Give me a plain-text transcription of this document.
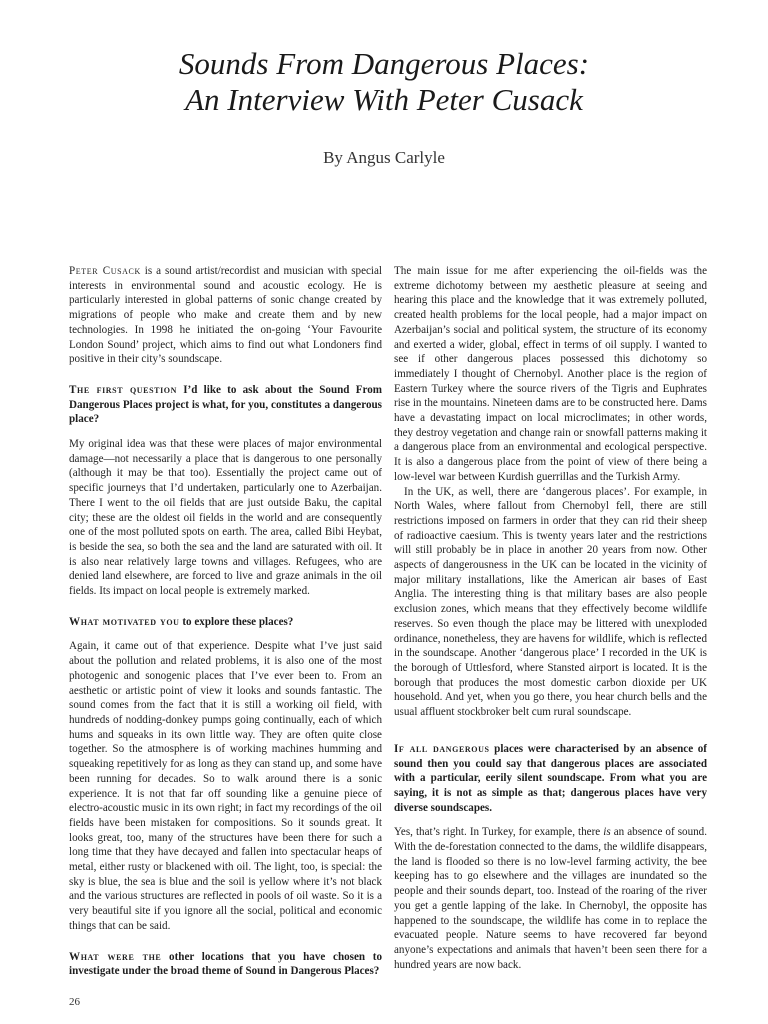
Sounds From Dangerous Places:
An Interview With Peter Cusack
By Angus Carlyle

Peter Cusack is a sound artist/recordist and musician with special interests in environmental sound and acoustic ecology. He is particularly interested in global patterns of sonic change created by migrations of people who make and create them and by new technologies. In 1998 he initiated the on-going ‘Your Favourite London Sound’ project, which aims to find out what Londoners find positive in their city’s soundscape.

The first question I’d like to ask about the Sound From Dangerous Places project is what, for you, constitutes a dangerous place?

My original idea was that these were places of major environmental damage—not necessarily a place that is dangerous to one personally (although it may be that too). Essentially the project came out of specific journeys that I’d undertaken, particularly one to Azerbaijan. There I went to the oil fields that are just outside Baku, the capital city; these are the oldest oil fields in the world and are consequently one of the most polluted spots on earth. The area, called Bibi Heybat, is beside the sea, so both the sea and the land are saturated with oil. It is also near relatively large towns and villages. Refugees, who are denied land elsewhere, are forced to live and graze animals in the oil fields. Its impact on local people is extremely marked.

What motivated you to explore these places?

Again, it came out of that experience. Despite what I’ve just said about the pollution and related problems, it is also one of the most photogenic and sonogenic places that I’ve ever been to. From an aesthetic or artistic point of view it looks and sounds fantastic. The sound comes from the fact that it is still a working oil field, with hundreds of nodding-donkey pumps going continually, each of which hums and squeaks in its own little way. They are often quite close together. So the atmosphere is of working machines humming and squeaking repetitively for as long as they can stand up, and some have been running for decades. So to walk around there is a sonic experience. It is not that far off sounding like a genuine piece of electro-acoustic music in its own right; in fact my recordings of the oil fields have been mistaken for compositions. So it sounds great. It looks great, too, many of the structures have been there for such a long time that they have decayed and fallen into spectacular heaps of metal, either rusty or blackened with oil. The light, too, is special: the sky is blue, the sea is blue and the soil is yellow where it’s not black and the various structures are reflected in pools of oil waste. So it is a very beautiful site if you ignore all the social, political and economic things that can be said.

What were the other locations that you have chosen to investigate under the broad theme of Sound in Dangerous Places?

The main issue for me after experiencing the oil-fields was the extreme dichotomy between my aesthetic pleasure at seeing and hearing this place and the knowledge that it was extremely polluted, created health problems for the local people, had a major impact on Azerbaijan’s social and political system, the structure of its economy and exerted a wider, global, effect in terms of oil supply. I wanted to see if other dangerous places possessed this dichotomy so immediately I thought of Chernobyl. Another place is the region of Eastern Turkey where the source rivers of the Tigris and Euphrates rise in the mountains. Nineteen dams are to be constructed here. Dams have a devastating impact on local microclimates; in other words, they destroy vegetation and change rain or snowfall patterns making it a dangerous place from an environmental and ecological perspective. It is also a dangerous place from the point of view of there being a low-level war between Kurdish guerrillas and the Turkish Army.

In the UK, as well, there are ‘dangerous places’. For example, in North Wales, where fallout from Chernobyl fell, there are still restrictions imposed on farmers in order that they can rid their sheep of radioactive caesium. This is twenty years later and the restrictions will still probably be in place in another 20 years from now. Other aspects of dangerousness in the UK can be located in the vicinity of major military installations, like the American air bases of East Anglia. The interesting thing is that military bases are also people exclusion zones, which means that they effectively become wildlife reserves. So even though the place may be littered with unexploded ordinance, nonetheless, they are havens for wildlife, which is reflected in the soundscape. Another ‘dangerous place’ I recorded in the UK is the borough of Uttlesford, where Stansted airport is located. It is the borough that produces the most domestic carbon dioxide per UK household. And yet, when you go there, you hear church bells and the usual affluent stockbroker belt cum rural soundscape.

If all dangerous places were characterised by an absence of sound then you could say that dangerous places are associated with a particular, eerily silent soundscape. From what you are saying, it is not as simple as that; dangerous places have very diverse soundscapes.

Yes, that’s right. In Turkey, for example, there is an absence of sound. With the de-forestation connected to the dams, the wildlife disappears, the land is flooded so there is no low-level farming activity, the bee keeping has to go elsewhere and the villages are inundated so the people and their sounds depart, too. Instead of the roaring of the river you get a gentle lapping of the lake. In Chernobyl, the opposite has happened to the soundscape, the wildlife has come in to replace the evacuated people. Nature seems to have recovered far beyond anyone’s expectations and animals that haven’t been seen there for a hundred years are now back.

26
